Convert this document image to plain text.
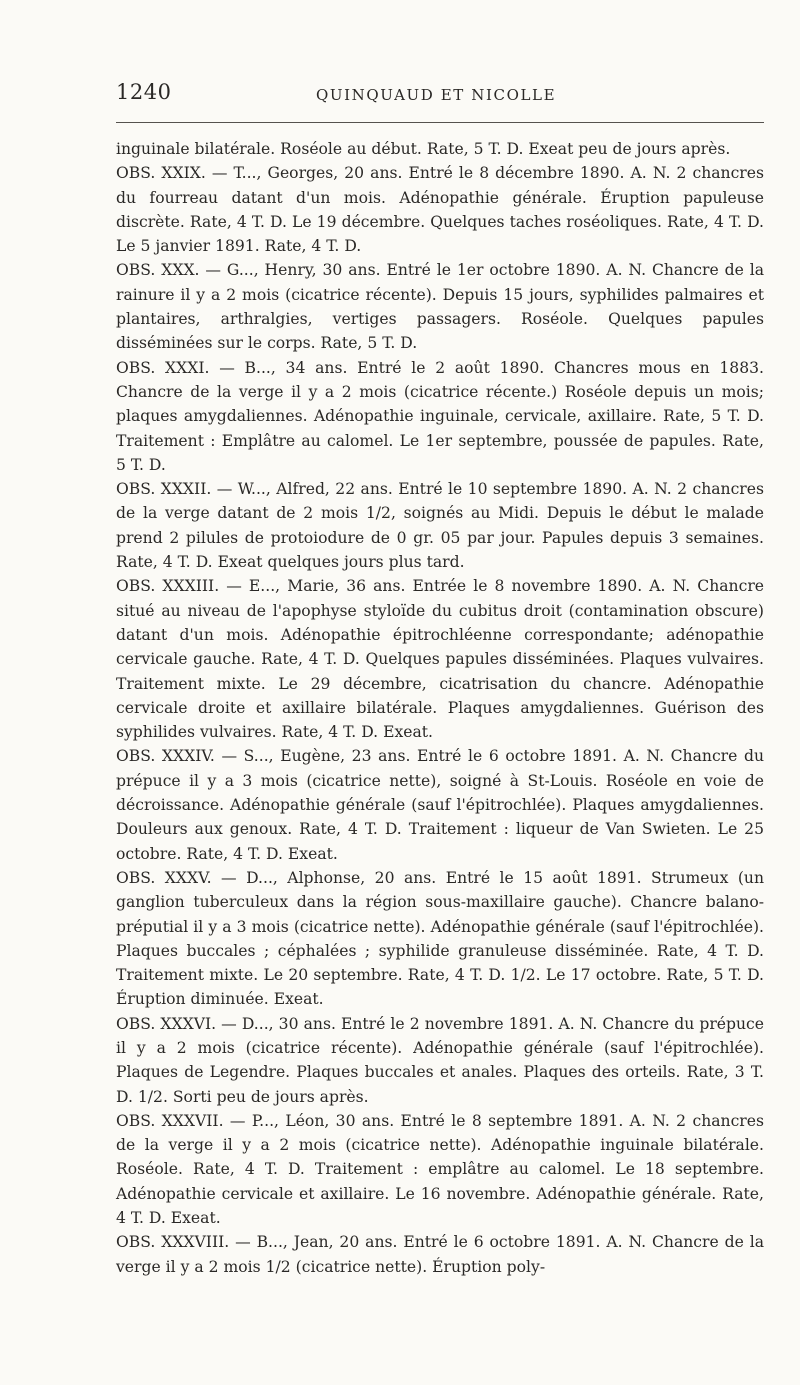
1240	QUINQUAUD ET NICOLLE

inguinale bilatérale. Roséole au début. Rate, 5 T. D. Exeat peu de jours après.

OBS. XXIX. — T..., Georges, 20 ans. Entré le 8 décembre 1890. A. N. 2 chancres du fourreau datant d'un mois. Adénopathie générale. Éruption papuleuse discrète. Rate, 4 T. D. Le 19 décembre. Quelques taches roséoliques. Rate, 4 T. D. Le 5 janvier 1891. Rate, 4 T. D.

OBS. XXX. — G..., Henry, 30 ans. Entré le 1er octobre 1890. A. N. Chancre de la rainure il y a 2 mois (cicatrice récente). Depuis 15 jours, syphilides palmaires et plantaires, arthralgies, vertiges passagers. Roséole. Quelques papules disséminées sur le corps. Rate, 5 T. D.

OBS. XXXI. — B..., 34 ans. Entré le 2 août 1890. Chancres mous en 1883. Chancre de la verge il y a 2 mois (cicatrice récente.) Roséole depuis un mois; plaques amygdaliennes. Adénopathie inguinale, cervicale, axillaire. Rate, 5 T. D. Traitement : Emplâtre au calomel. Le 1er septembre, poussée de papules. Rate, 5 T. D.

OBS. XXXII. — W..., Alfred, 22 ans. Entré le 10 septembre 1890. A. N. 2 chancres de la verge datant de 2 mois 1/2, soignés au Midi. Depuis le début le malade prend 2 pilules de protoiodure de 0 gr. 05 par jour. Papules depuis 3 semaines. Rate, 4 T. D. Exeat quelques jours plus tard.

OBS. XXXIII. — E..., Marie, 36 ans. Entrée le 8 novembre 1890. A. N. Chancre situé au niveau de l'apophyse styloïde du cubitus droit (contamination obscure) datant d'un mois. Adénopathie épitrochléenne correspondante; adénopathie cervicale gauche. Rate, 4 T. D. Quelques papules disséminées. Plaques vulvaires. Traitement mixte. Le 29 décembre, cicatrisation du chancre. Adénopathie cervicale droite et axillaire bilatérale. Plaques amygdaliennes. Guérison des syphilides vulvaires. Rate, 4 T. D. Exeat.

OBS. XXXIV. — S..., Eugène, 23 ans. Entré le 6 octobre 1891. A. N. Chancre du prépuce il y a 3 mois (cicatrice nette), soigné à St-Louis. Roséole en voie de décroissance. Adénopathie générale (sauf l'épitrochlée). Plaques amygdaliennes. Douleurs aux genoux. Rate, 4 T. D. Traitement : liqueur de Van Swieten. Le 25 octobre. Rate, 4 T. D. Exeat.

OBS. XXXV. — D..., Alphonse, 20 ans. Entré le 15 août 1891. Strumeux (un ganglion tuberculeux dans la région sous-maxillaire gauche). Chancre balano-préputial il y a 3 mois (cicatrice nette). Adénopathie générale (sauf l'épitrochlée). Plaques buccales ; céphalées ; syphilide granuleuse disséminée. Rate, 4 T. D. Traitement mixte. Le 20 septembre. Rate, 4 T. D. 1/2. Le 17 octobre. Rate, 5 T. D. Éruption diminuée. Exeat.

OBS. XXXVI. — D..., 30 ans. Entré le 2 novembre 1891. A. N. Chancre du prépuce il y a 2 mois (cicatrice récente). Adénopathie générale (sauf l'épitrochlée). Plaques de Legendre. Plaques buccales et anales. Plaques des orteils. Rate, 3 T. D. 1/2. Sorti peu de jours après.

OBS. XXXVII. — P..., Léon, 30 ans. Entré le 8 septembre 1891. A. N. 2 chancres de la verge il y a 2 mois (cicatrice nette). Adénopathie inguinale bilatérale. Roséole. Rate, 4 T. D. Traitement : emplâtre au calomel. Le 18 septembre. Adénopathie cervicale et axillaire. Le 16 novembre. Adénopathie générale. Rate, 4 T. D. Exeat.

OBS. XXXVIII. — B..., Jean, 20 ans. Entré le 6 octobre 1891. A. N. Chancre de la verge il y a 2 mois 1/2 (cicatrice nette). Éruption poly-
